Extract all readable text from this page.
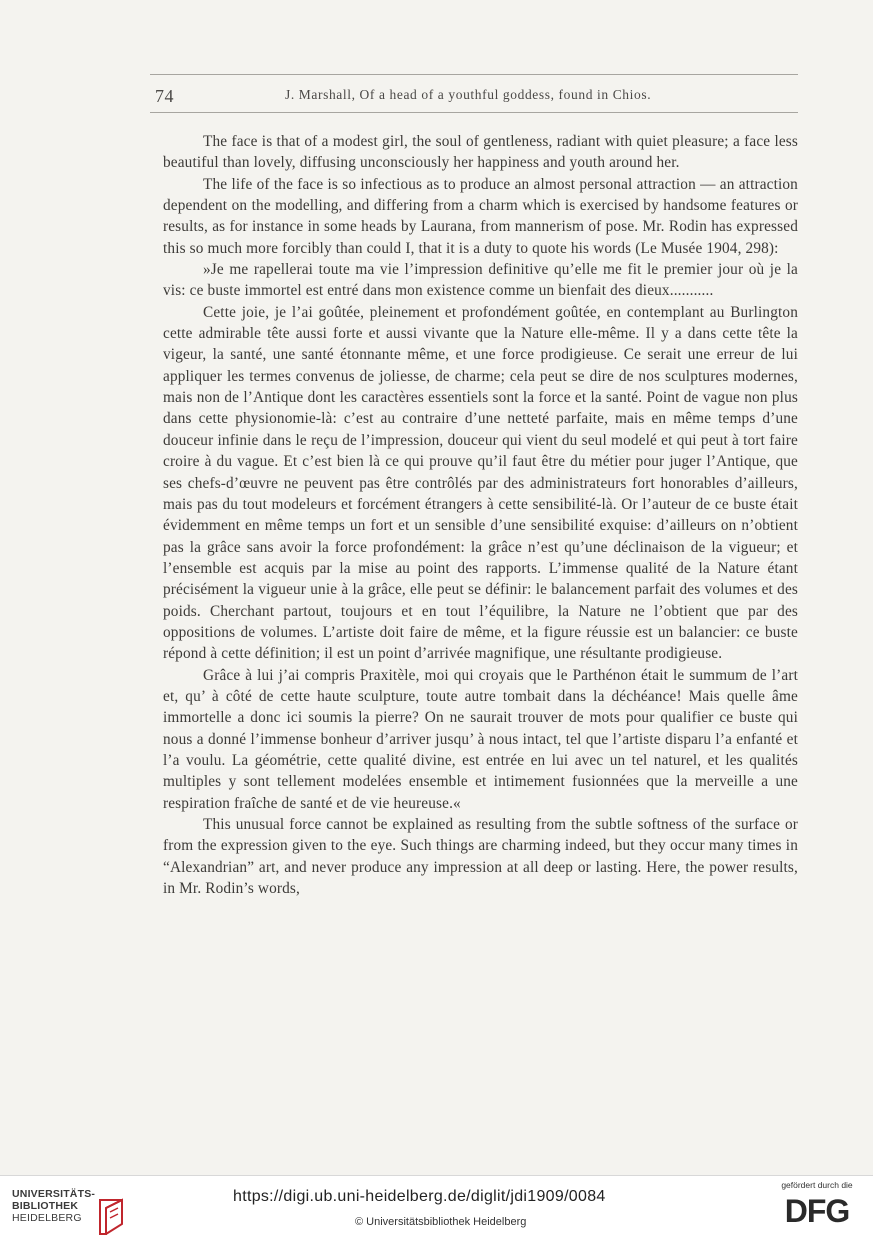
74	J. Marshall, Of a head of a youthful goddess, found in Chios.

The face is that of a modest girl, the soul of gentleness, radiant with quiet pleasure; a face less beautiful than lovely, diffusing unconsciously her happiness and youth around her.

The life of the face is so infectious as to produce an almost personal attraction — an attraction dependent on the modelling, and differing from a charm which is exercised by handsome features or results, as for instance in some heads by Laurana, from mannerism of pose. Mr. Rodin has expressed this so much more forcibly than could I, that it is a duty to quote his words (Le Musée 1904, 298):

»Je me rapellerai toute ma vie l’impression definitive qu’elle me fit le premier jour où je la vis: ce buste immortel est entré dans mon existence comme un bienfait des dieux...........

Cette joie, je l’ai goûtée, pleinement et profondément goûtée, en contemplant au Burlington cette admirable tête aussi forte et aussi vivante que la Nature elle-même. Il y a dans cette tête la vigeur, la santé, une santé étonnante même, et une force prodigieuse. Ce serait une erreur de lui appliquer les termes convenus de joliesse, de charme; cela peut se dire de nos sculptures modernes, mais non de l’Antique dont les caractères essentiels sont la force et la santé. Point de vague non plus dans cette physionomie-là: c’est au contraire d’une netteté parfaite, mais en même temps d’une douceur infinie dans le reçu de l’impression, douceur qui vient du seul modelé et qui peut à tort faire croire à du vague. Et c’est bien là ce qui prouve qu’il faut être du métier pour juger l’Antique, que ses chefs-d’œuvre ne peuvent pas être contrôlés par des administrateurs fort honorables d’ailleurs, mais pas du tout modeleurs et forcément étrangers à cette sensibilité-là. Or l’auteur de ce buste était évidemment en même temps un fort et un sensible d’une sensibilité exquise: d’ailleurs on n’obtient pas la grâce sans avoir la force profondément: la grâce n’est qu’une déclinaison de la vigueur; et l’ensemble est acquis par la mise au point des rapports. L’immense qualité de la Nature étant précisément la vigueur unie à la grâce, elle peut se définir: le balancement parfait des volumes et des poids. Cherchant partout, toujours et en tout l’équilibre, la Nature ne l’obtient que par des oppositions de volumes. L’artiste doit faire de même, et la figure réussie est un balancier: ce buste répond à cette définition; il est un point d’arrivée magnifique, une résultante prodigieuse.

Grâce à lui j’ai compris Praxitèle, moi qui croyais que le Parthénon était le summum de l’art et, qu’ à côté de cette haute sculpture, toute autre tombait dans la déchéance! Mais quelle âme immortelle a donc ici soumis la pierre? On ne saurait trouver de mots pour qualifier ce buste qui nous a donné l’immense bonheur d’arriver jusqu’ à nous intact, tel que l’artiste disparu l’a enfanté et l’a voulu. La géométrie, cette qualité divine, est entrée en lui avec un tel naturel, et les qualités multiples y sont tellement modelées ensemble et intimement fusionnées que la merveille a une respiration fraîche de santé et de vie heureuse.«

This unusual force cannot be explained as resulting from the subtle softness of the surface or from the expression given to the eye. Such things are charming indeed, but they occur many times in “Alexandrian” art, and never produce any impression at all deep or lasting. Here, the power results, in Mr. Rodin’s words,

UNIVERSITÄTS-
BIBLIOTHEK
HEIDELBERG
https://digi.ub.uni-heidelberg.de/diglit/jdi1909/0084
© Universitätsbibliothek Heidelberg
gefördert durch die
DFG
